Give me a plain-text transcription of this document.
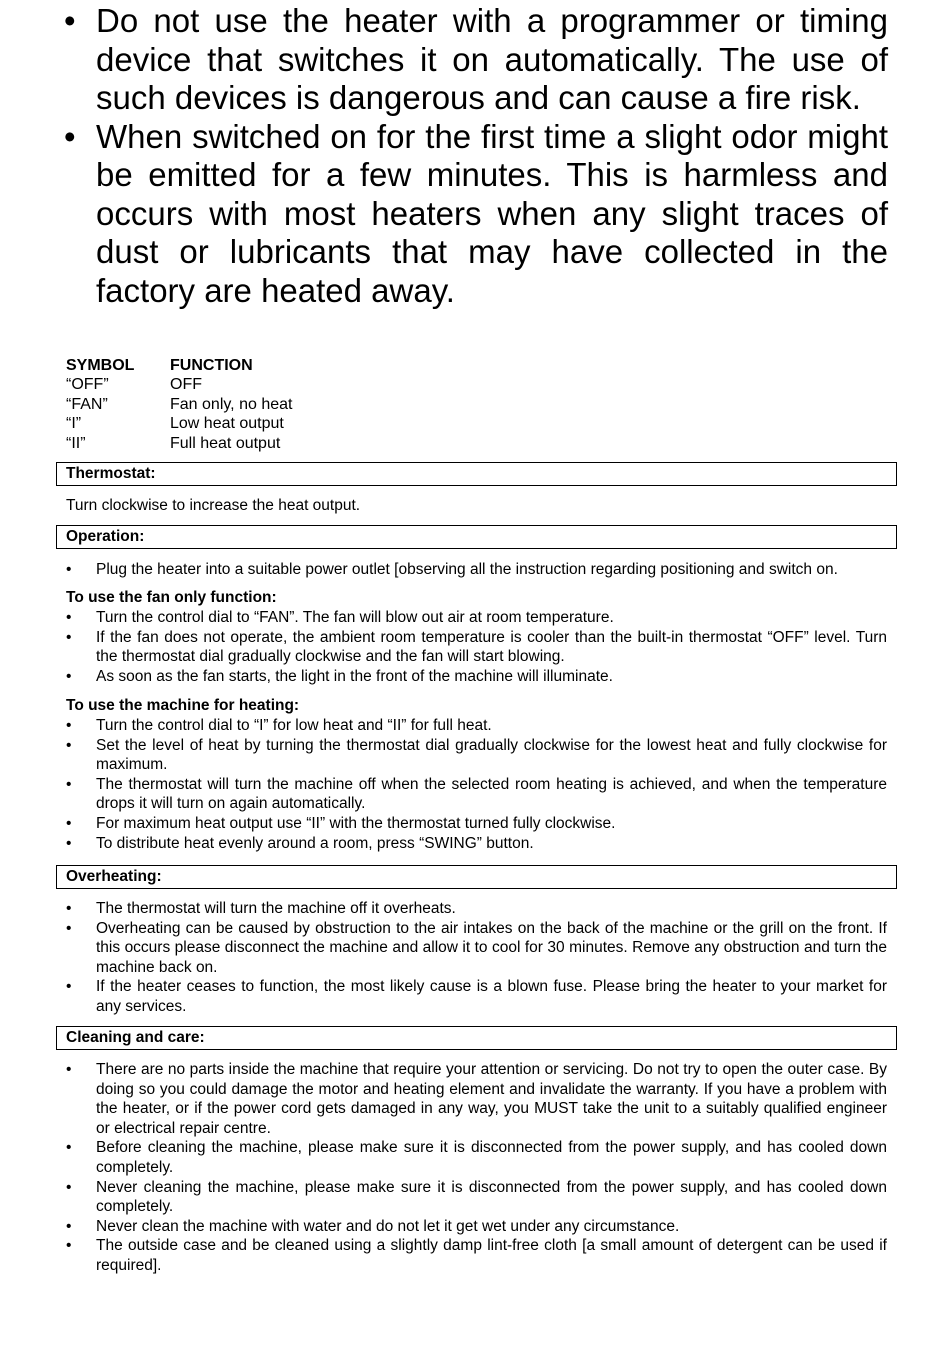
• Do not use the heater with a programmer or timing device that switches it on automatically. The use of such devices is dangerous and can cause a fire risk.
• When switched on for the first time a slight odor might be emitted for a few minutes. This is harmless and occurs with most heaters when any slight traces of dust or lubricants that may have collected in the factory are heated away.
SYMBOL	FUNCTION
“OFF”	OFF
“FAN”	Fan only, no heat
“I”	Low heat output
“II”	Full heat output
Thermostat:
Turn clockwise to increase the heat output.
Operation:
• Plug the heater into a suitable power outlet [observing all the instruction regarding positioning and switch on.
To use the fan only function:
• Turn the control dial to “FAN”. The fan will blow out air at room temperature.
• If the fan does not operate, the ambient room temperature is cooler than the built-in thermostat “OFF” level. Turn the thermostat dial gradually clockwise and the fan will start blowing.
• As soon as the fan starts, the light in the front of the machine will illuminate.
To use the machine for heating:
• Turn the control dial to “I” for low heat and “II” for full heat.
• Set the level of heat by turning the thermostat dial gradually clockwise for the lowest heat and fully clockwise for maximum.
• The thermostat will turn the machine off when the selected room heating is achieved, and when the temperature drops it will turn on again automatically.
• For maximum heat output use “II” with the thermostat turned fully clockwise.
• To distribute heat evenly around a room, press “SWING” button.
Overheating:
• The thermostat will turn the machine off it overheats.
• Overheating can be caused by obstruction to the air intakes on the back of the machine or the grill on the front. If this occurs please disconnect the machine and allow it to cool for 30 minutes. Remove any obstruction and turn the machine back on.
• If the heater ceases to function, the most likely cause is a blown fuse. Please bring the heater to your market for any services.
Cleaning and care:
• There are no parts inside the machine that require your attention or servicing. Do not try to open the outer case. By doing so you could damage the motor and heating element and invalidate the warranty. If you have a problem with the heater, or if the power cord gets damaged in any way, you MUST take the unit to a suitably qualified engineer or electrical repair centre.
• Before cleaning the machine, please make sure it is disconnected from the power supply, and has cooled down completely.
• Never cleaning the machine, please make sure it is disconnected from the power supply, and has cooled down completely.
• Never clean the machine with water and do not let it get wet under any circumstance.
• The outside case and be cleaned using a slightly damp lint-free cloth [a small amount of detergent can be used if required].
